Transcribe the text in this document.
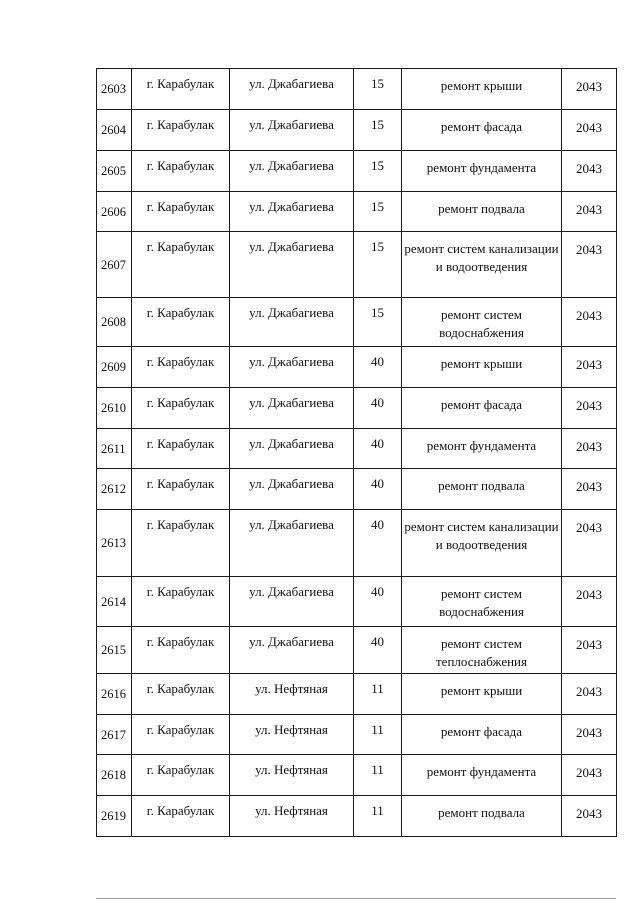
2603	г. Карабулак	ул. Джабагиева	15	ремонт крыши	2043

2604	г. Карабулак	ул. Джабагиева	15	ремонт фасада	2043

2605	г. Карабулак	ул. Джабагиева	15	ремонт фундамента	2043

2606	г. Карабулак	ул. Джабагиева	15	ремонт подвала	2043

2607	г. Карабулак	ул. Джабагиева	15	ремонт систем канализации и водоотведения	2043

2608	г. Карабулак	ул. Джабагиева	15	ремонт систем водоснабжения	2043

2609	г. Карабулак	ул. Джабагиева	40	ремонт крыши	2043

2610	г. Карабулак	ул. Джабагиева	40	ремонт фасада	2043

2611	г. Карабулак	ул. Джабагиева	40	ремонт фундамента	2043

2612	г. Карабулак	ул. Джабагиева	40	ремонт подвала	2043

2613	г. Карабулак	ул. Джабагиева	40	ремонт систем канализации и водоотведения	2043

2614	г. Карабулак	ул. Джабагиева	40	ремонт систем водоснабжения	2043

2615	г. Карабулак	ул. Джабагиева	40	ремонт систем теплоснабжения	2043

2616	г. Карабулак	ул. Нефтяная	11	ремонт крыши	2043

2617	г. Карабулак	ул. Нефтяная	11	ремонт фасада	2043

2618	г. Карабулак	ул. Нефтяная	11	ремонт фундамента	2043

2619	г. Карабулак	ул. Нефтяная	11	ремонт подвала	2043
